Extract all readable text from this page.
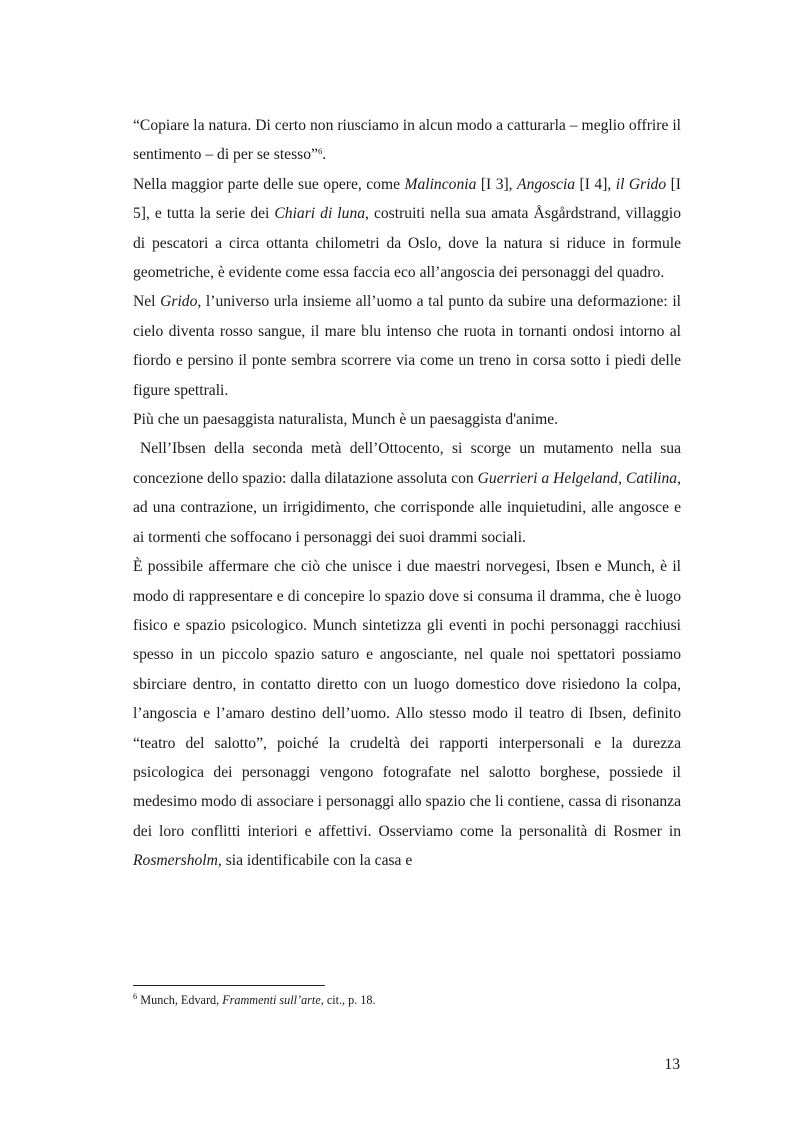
“Copiare la natura. Di certo non riusciamo in alcun modo a catturarla – meglio offrire il sentimento – di per se stesso”$^6$.

Nella maggior parte delle sue opere, come Malinconia [I 3], Angoscia [I 4], il Grido [I 5], e tutta la serie dei Chiari di luna, costruiti nella sua amata Åsgårdstrand, villaggio di pescatori a circa ottanta chilometri da Oslo, dove la natura si riduce in formule geometriche, è evidente come essa faccia eco all’angoscia dei personaggi del quadro.

Nel Grido, l’universo urla insieme all’uomo a tal punto da subire una deformazione: il cielo diventa rosso sangue, il mare blu intenso che ruota in tornanti ondosi intorno al fiordo e persino il ponte sembra scorrere via come un treno in corsa sotto i piedi delle figure spettrali.

Più che un paesaggista naturalista, Munch è un paesaggista d'anime.

Nell’Ibsen della seconda metà dell’Ottocento, si scorge un mutamento nella sua concezione dello spazio: dalla dilatazione assoluta con Guerrieri a Helgeland, Catilina, ad una contrazione, un irrigidimento, che corrisponde alle inquietudini, alle angosce e ai tormenti che soffocano i personaggi dei suoi drammi sociali.

È possibile affermare che ciò che unisce i due maestri norvegesi, Ibsen e Munch, è il modo di rappresentare e di concepire lo spazio dove si consuma il dramma, che è luogo fisico e spazio psicologico. Munch sintetizza gli eventi in pochi personaggi racchiusi spesso in un piccolo spazio saturo e angosciante, nel quale noi spettatori possiamo sbirciare dentro, in contatto diretto con un luogo domestico dove risiedono la colpa, l’angoscia e l’amaro destino dell’uomo. Allo stesso modo il teatro di Ibsen, definito “teatro del salotto”, poiché la crudeltà dei rapporti interpersonali e la durezza psicologica dei personaggi vengono fotografate nel salotto borghese, possiede il medesimo modo di associare i personaggi allo spazio che li contiene, cassa di risonanza dei loro conflitti interiori e affettivi. Osserviamo come la personalità di Rosmer in Rosmersholm, sia identificabile con la casa e

$^6$ Munch, Edvard, Frammenti sull’arte, cit., p. 18.
13
